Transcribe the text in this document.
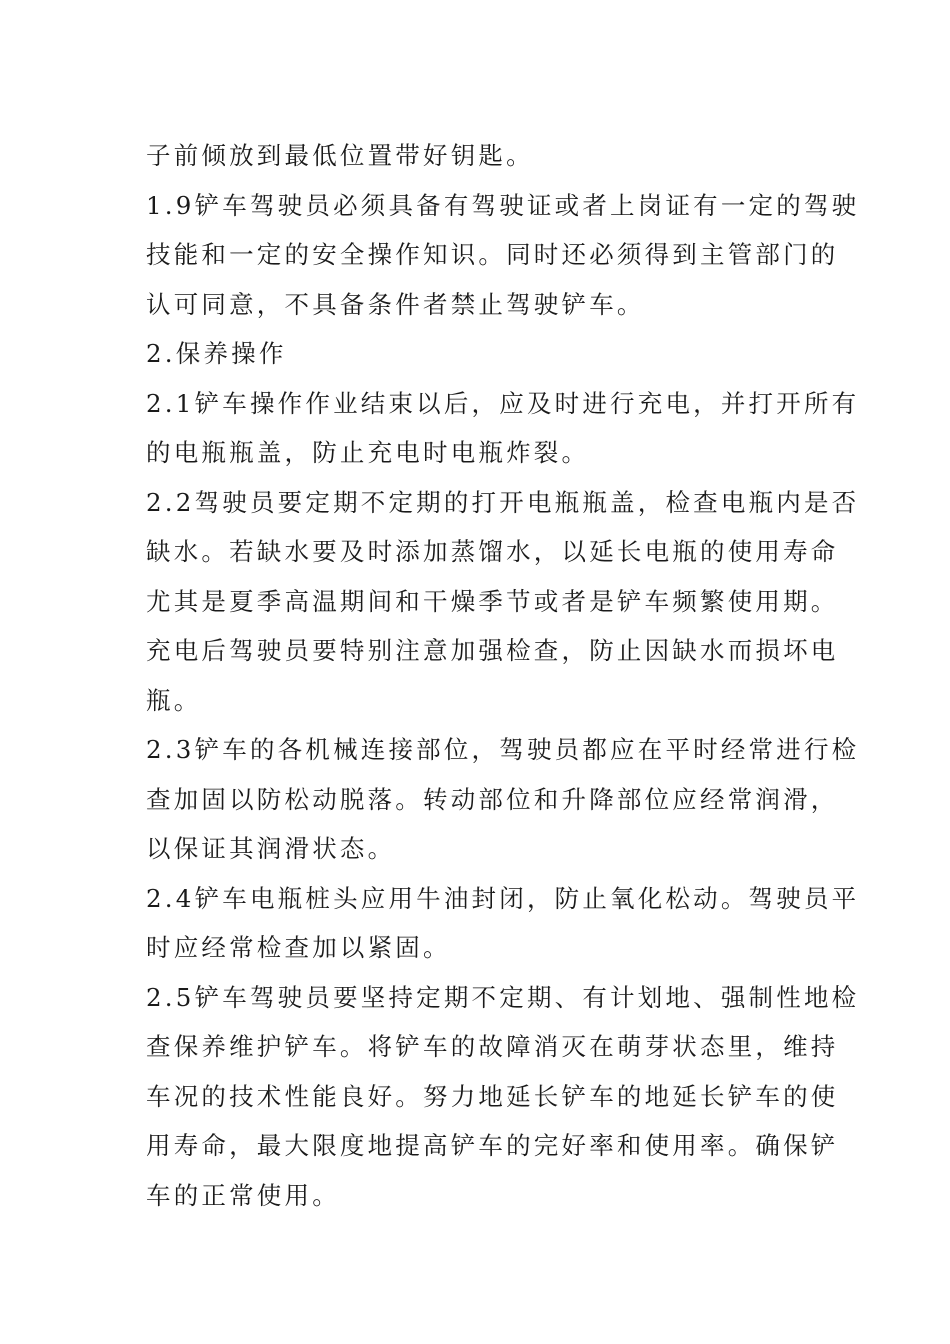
子前倾放到最低位置带好钥匙。
1.9铲车驾驶员必须具备有驾驶证或者上岗证有一定的驾驶
技能和一定的安全操作知识。同时还必须得到主管部门的
认可同意，不具备条件者禁止驾驶铲车。
2.保养操作
2.1铲车操作作业结束以后，应及时进行充电，并打开所有
的电瓶瓶盖，防止充电时电瓶炸裂。
2.2驾驶员要定期不定期的打开电瓶瓶盖，检查电瓶内是否
缺水。若缺水要及时添加蒸馏水，以延长电瓶的使用寿命
尤其是夏季高温期间和干燥季节或者是铲车频繁使用期。
充电后驾驶员要特别注意加强检查，防止因缺水而损坏电
瓶。
2.3铲车的各机械连接部位，驾驶员都应在平时经常进行检
查加固以防松动脱落。转动部位和升降部位应经常润滑，
以保证其润滑状态。
2.4铲车电瓶桩头应用牛油封闭，防止氧化松动。驾驶员平
时应经常检查加以紧固。
2.5铲车驾驶员要坚持定期不定期、有计划地、强制性地检
查保养维护铲车。将铲车的故障消灭在萌芽状态里，维持
车况的技术性能良好。努力地延长铲车的地延长铲车的使
用寿命，最大限度地提高铲车的完好率和使用率。确保铲
车的正常使用。
